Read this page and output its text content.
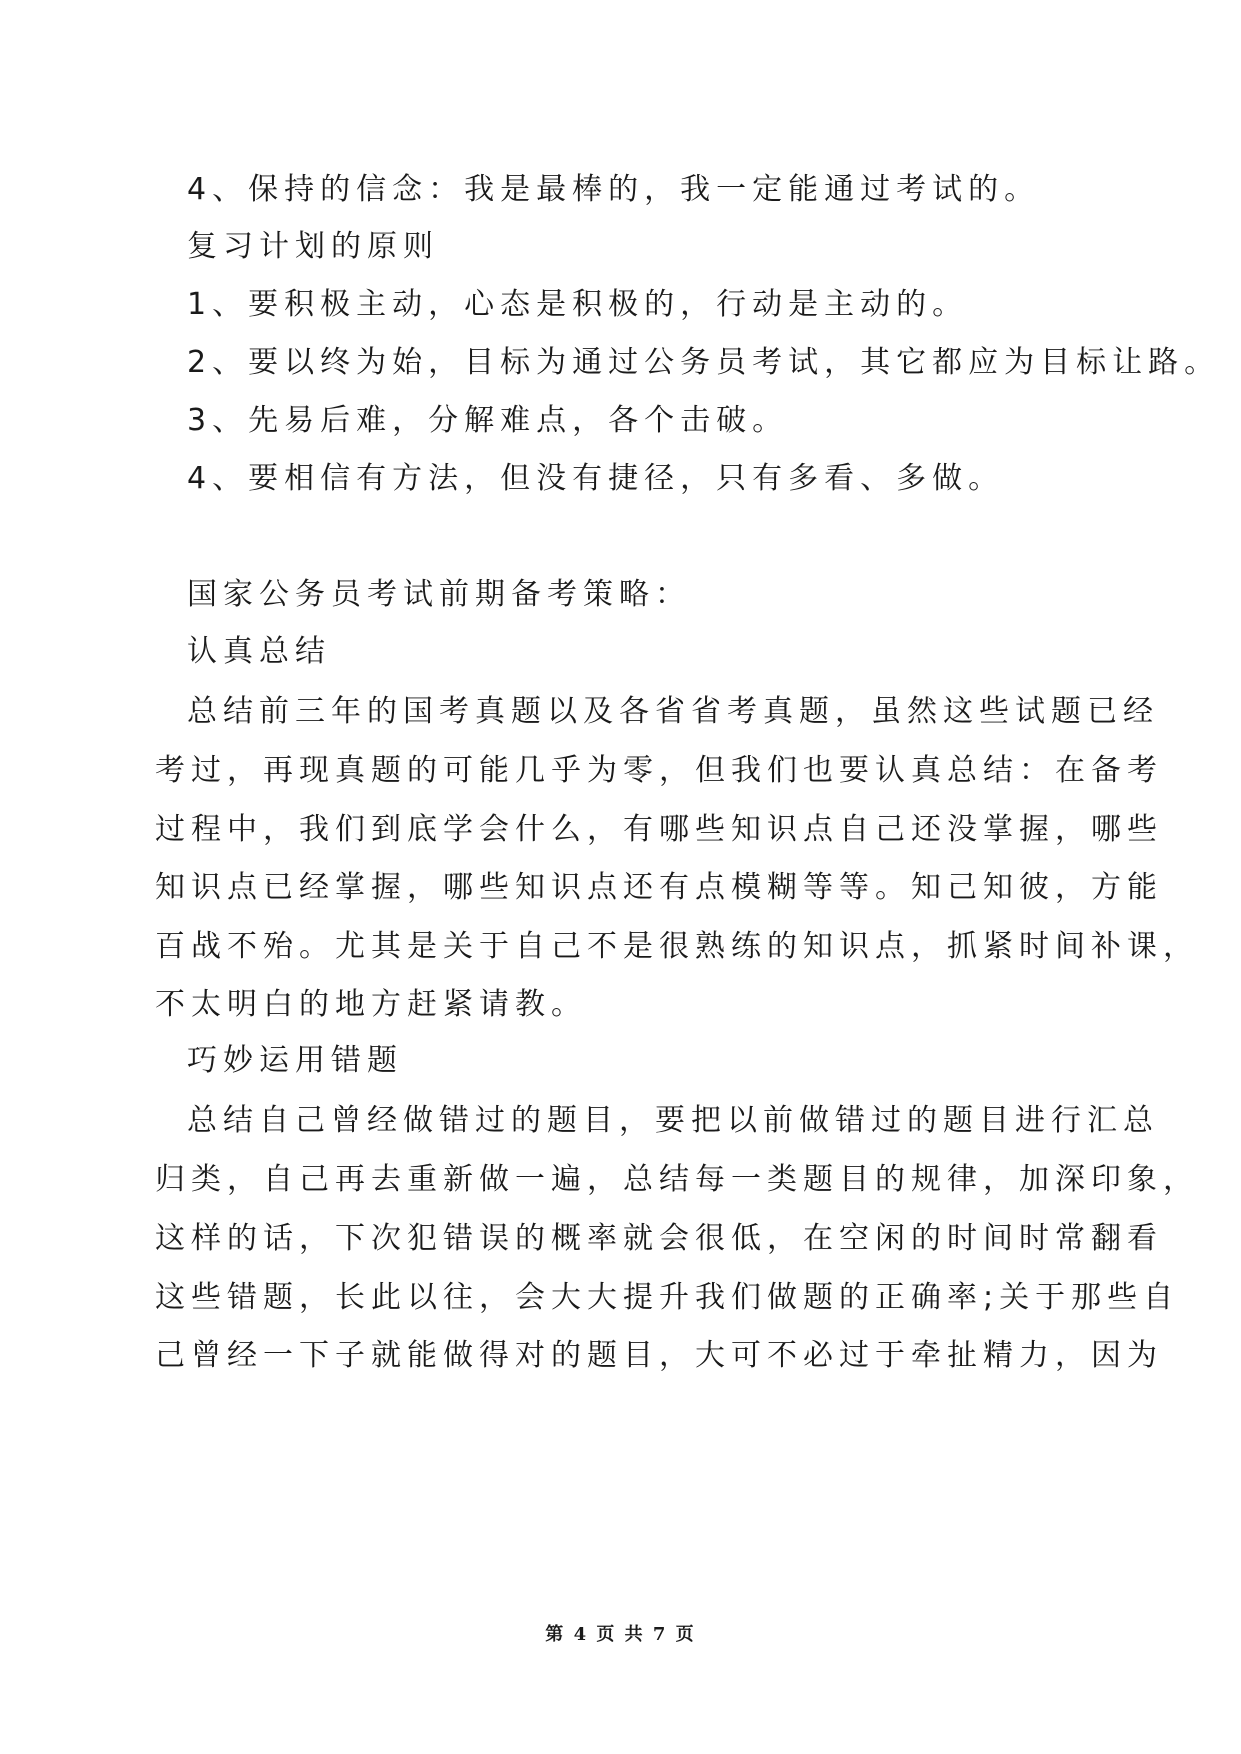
4、保持的信念：我是最棒的，我一定能通过考试的。
复习计划的原则
1、要积极主动，心态是积极的，行动是主动的。
2、要以终为始，目标为通过公务员考试，其它都应为目标让路。
3、先易后难，分解难点，各个击破。
4、要相信有方法，但没有捷径，只有多看、多做。
国家公务员考试前期备考策略：
认真总结
总结前三年的国考真题以及各省省考真题，虽然这些试题已经
考过，再现真题的可能几乎为零，但我们也要认真总结：在备考
过程中，我们到底学会什么，有哪些知识点自己还没掌握，哪些
知识点已经掌握，哪些知识点还有点模糊等等。知己知彼，方能
百战不殆。尤其是关于自己不是很熟练的知识点，抓紧时间补课，
不太明白的地方赶紧请教。
巧妙运用错题
总结自己曾经做错过的题目，要把以前做错过的题目进行汇总
归类，自己再去重新做一遍，总结每一类题目的规律，加深印象，
这样的话，下次犯错误的概率就会很低，在空闲的时间时常翻看
这些错题，长此以往，会大大提升我们做题的正确率;关于那些自
己曾经一下子就能做得对的题目，大可不必过于牵扯精力，因为
第 4 页 共 7 页
